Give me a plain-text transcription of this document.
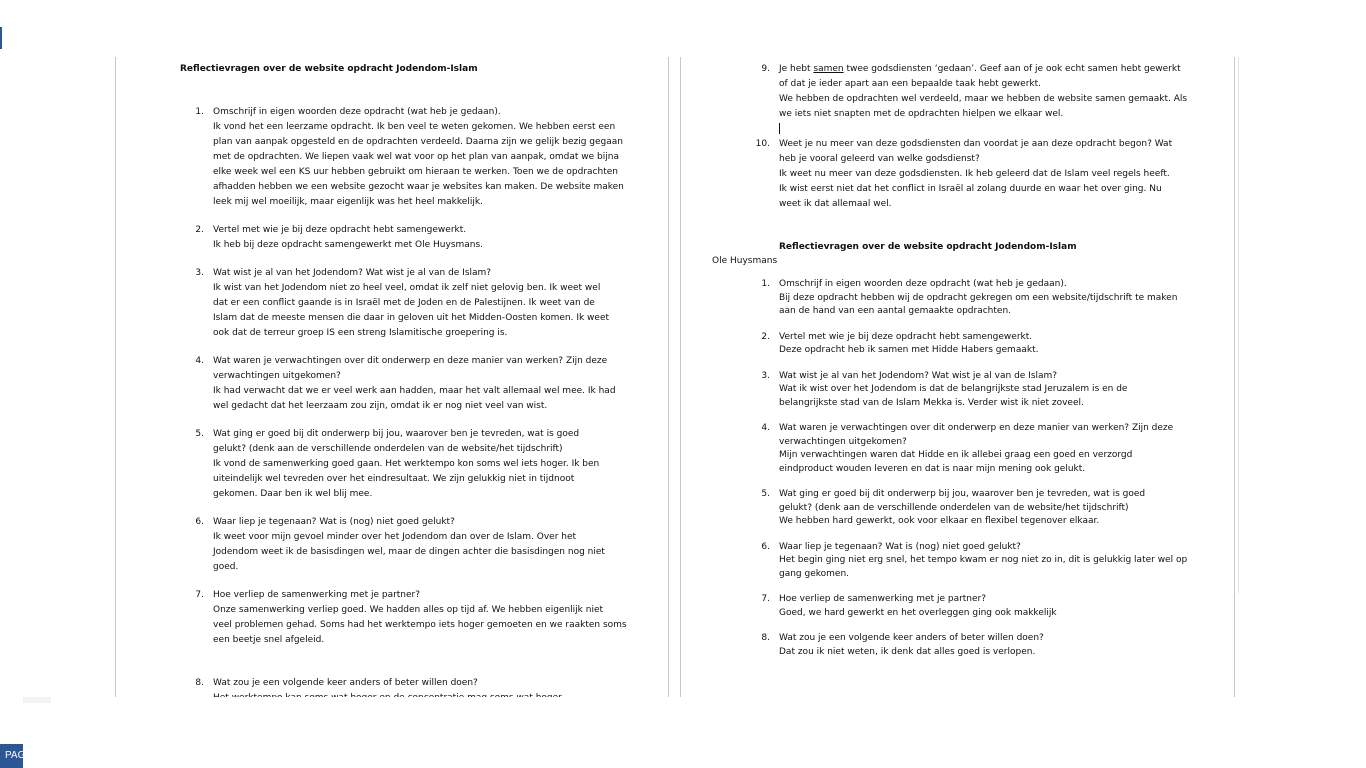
Reflectievragen over de website opdracht Jodendom-Islam
1. Omschrijf in eigen woorden deze opdracht (wat heb je gedaan).
Ik vond het een leerzame opdracht. Ik ben veel te weten gekomen. We hebben eerst een
plan van aanpak opgesteld en de opdrachten verdeeld. Daarna zijn we gelijk bezig gegaan
met de opdrachten. We liepen vaak wel wat voor op het plan van aanpak, omdat we bijna
elke week wel een KS uur hebben gebruikt om hieraan te werken. Toen we de opdrachten
afhadden hebben we een website gezocht waar je websites kan maken. De website maken
leek mij wel moeilijk, maar eigenlijk was het heel makkelijk.
2. Vertel met wie je bij deze opdracht hebt samengewerkt.
Ik heb bij deze opdracht samengewerkt met Ole Huysmans.
3. Wat wist je al van het Jodendom? Wat wist je al van de Islam?
Ik wist van het Jodendom niet zo heel veel, omdat ik zelf niet gelovig ben. Ik weet wel
dat er een conflict gaande is in Israël met de Joden en de Palestijnen. Ik weet van de
Islam dat de meeste mensen die daar in geloven uit het Midden-Oosten komen. Ik weet
ook dat de terreur groep IS een streng Islamitische groepering is.
4. Wat waren je verwachtingen over dit onderwerp en deze manier van werken? Zijn deze
verwachtingen uitgekomen?
Ik had verwacht dat we er veel werk aan hadden, maar het valt allemaal wel mee. Ik had
wel gedacht dat het leerzaam zou zijn, omdat ik er nog niet veel van wist.
5. Wat ging er goed bij dit onderwerp bij jou, waarover ben je tevreden, wat is goed
gelukt? (denk aan de verschillende onderdelen van de website/het tijdschrift)
Ik vond de samenwerking goed gaan. Het werktempo kon soms wel iets hoger. Ik ben
uiteindelijk wel tevreden over het eindresultaat. We zijn gelukkig niet in tijdnoot
gekomen. Daar ben ik wel blij mee.
6. Waar liep je tegenaan? Wat is (nog) niet goed gelukt?
Ik weet voor mijn gevoel minder over het Jodendom dan over de Islam. Over het
Jodendom weet ik de basisdingen wel, maar de dingen achter die basisdingen nog niet
goed.
7. Hoe verliep de samenwerking met je partner?
Onze samenwerking verliep goed. We hadden alles op tijd af. We hebben eigenlijk niet
veel problemen gehad. Soms had het werktempo iets hoger gemoeten en we raakten soms
een beetje snel afgeleid.
8. Wat zou je een volgende keer anders of beter willen doen?
9. Je hebt samen twee godsdiensten ‘gedaan’. Geef aan of je ook echt samen hebt gewerkt
of dat je ieder apart aan een bepaalde taak hebt gewerkt.
We hebben de opdrachten wel verdeeld, maar we hebben de website samen gemaakt. Als
we iets niet snapten met de opdrachten hielpen we elkaar wel.
10. Weet je nu meer van deze godsdiensten dan voordat je aan deze opdracht begon? Wat
heb je vooral geleerd van welke godsdienst?
Ik weet nu meer van deze godsdiensten. Ik heb geleerd dat de Islam veel regels heeft.
Ik wist eerst niet dat het conflict in Israël al zolang duurde en waar het over ging. Nu
weet ik dat allemaal wel.
Reflectievragen over de website opdracht Jodendom-Islam
Ole Huysmans
1. Omschrijf in eigen woorden deze opdracht (wat heb je gedaan).
Bij deze opdracht hebben wij de opdracht gekregen om een website/tijdschrift te maken
aan de hand van een aantal gemaakte opdrachten.
2. Vertel met wie je bij deze opdracht hebt samengewerkt.
Deze opdracht heb ik samen met Hidde Habers gemaakt.
3. Wat wist je al van het Jodendom? Wat wist je al van de Islam?
Wat ik wist over het Jodendom is dat de belangrijkste stad Jeruzalem is en de
belangrijkste stad van de Islam Mekka is. Verder wist ik niet zoveel.
4. Wat waren je verwachtingen over dit onderwerp en deze manier van werken? Zijn deze
verwachtingen uitgekomen?
Mijn verwachtingen waren dat Hidde en ik allebei graag een goed en verzorgd
eindproduct wouden leveren en dat is naar mijn mening ook gelukt.
5. Wat ging er goed bij dit onderwerp bij jou, waarover ben je tevreden, wat is goed
gelukt? (denk aan de verschillende onderdelen van de website/het tijdschrift)
We hebben hard gewerkt, ook voor elkaar en flexibel tegenover elkaar.
6. Waar liep je tegenaan? Wat is (nog) niet goed gelukt?
Het begin ging niet erg snel, het tempo kwam er nog niet zo in, dit is gelukkig later wel op
gang gekomen.
7. Hoe verliep de samenwerking met je partner?
Goed, we hard gewerkt en het overleggen ging ook makkelijk
8. Wat zou je een volgende keer anders of beter willen doen?
Dat zou ik niet weten, ik denk dat alles goed is verlopen.
PAG
